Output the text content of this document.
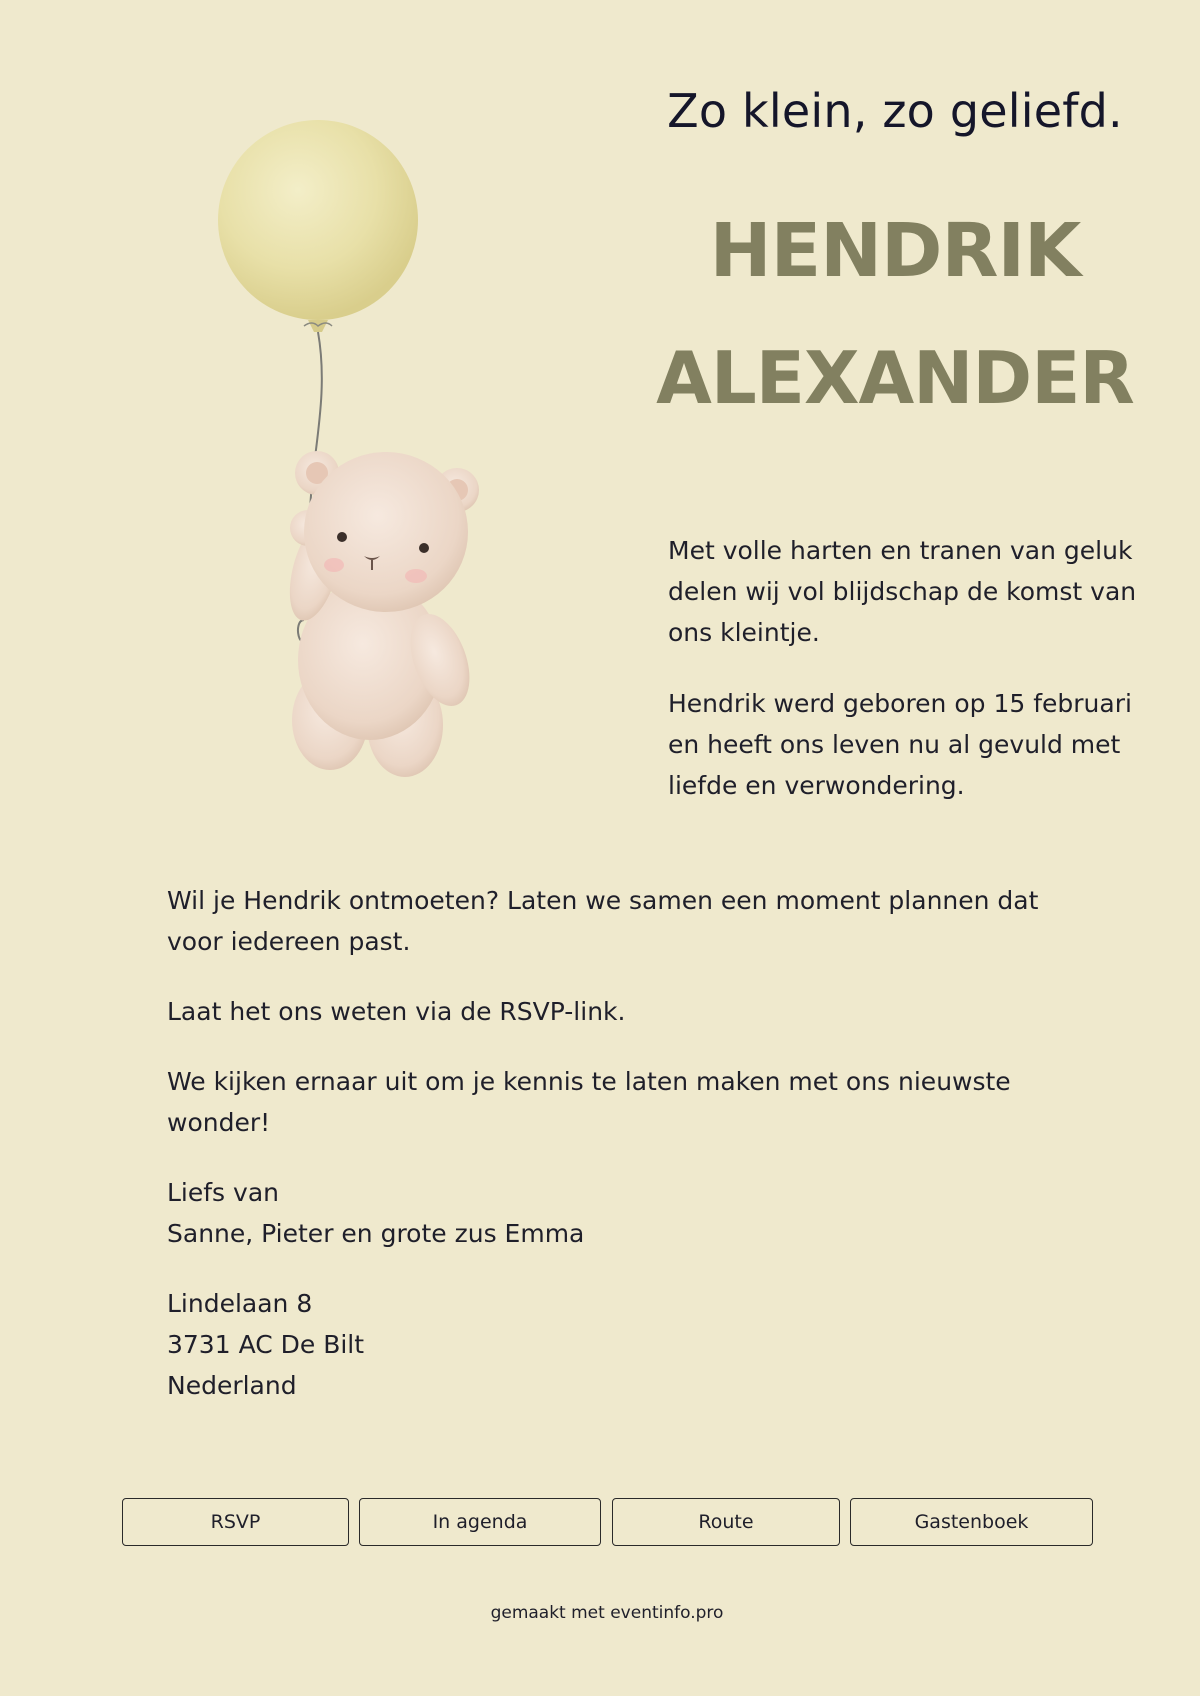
Zo klein, zo geliefd.
HENDRIK
ALEXANDER

Met volle harten en tranen van geluk delen wij vol blijdschap de komst van ons kleintje.

Hendrik werd geboren op 15 februari en heeft ons leven nu al gevuld met liefde en verwondering.

Wil je Hendrik ontmoeten? Laten we samen een moment plannen dat voor iedereen past.

Laat het ons weten via de RSVP-link.

We kijken ernaar uit om je kennis te laten maken met ons nieuwste wonder!

Liefs van
Sanne, Pieter en grote zus Emma

Lindelaan 8
3731 AC De Bilt
Nederland

RSVP	In agenda	Route	Gastenboek
gemaakt met eventinfo.pro
